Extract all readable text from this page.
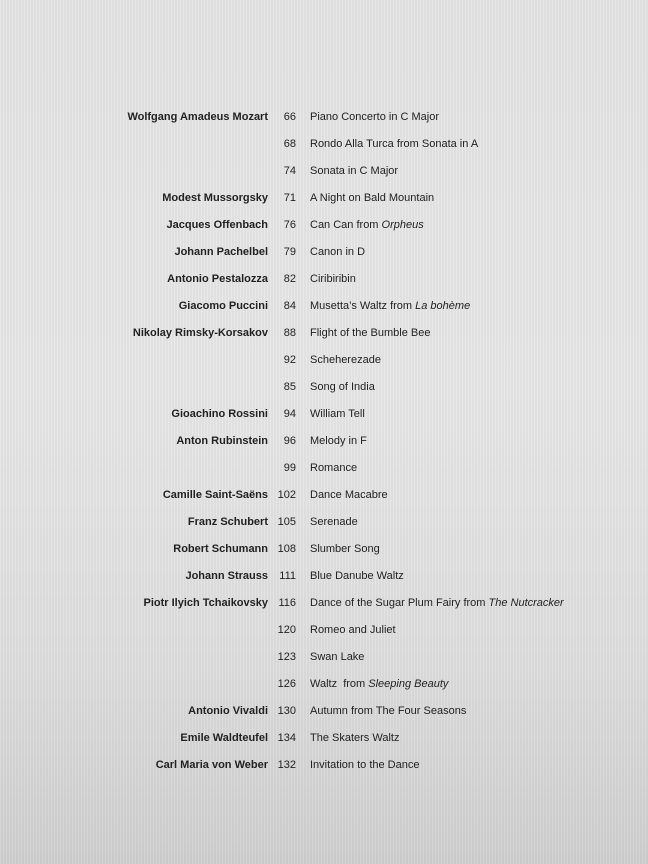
Wolfgang Amadeus Mozart 66 Piano Concerto in C Major
68 Rondo Alla Turca from Sonata in A
74 Sonata in C Major
Modest Mussorgsky 71 A Night on Bald Mountain
Jacques Offenbach 76 Can Can from Orpheus
Johann Pachelbel 79 Canon in D
Antonio Pestalozza 82 Ciribiribin
Giacomo Puccini 84 Musetta’s Waltz from La bohème
Nikolay Rimsky-Korsakov 88 Flight of the Bumble Bee
92 Scheherezade
85 Song of India
Gioachino Rossini 94 William Tell
Anton Rubinstein 96 Melody in F
99 Romance
Camille Saint-Saëns 102 Dance Macabre
Franz Schubert 105 Serenade
Robert Schumann 108 Slumber Song
Johann Strauss 111 Blue Danube Waltz
Piotr Ilyich Tchaikovsky 116 Dance of the Sugar Plum Fairy from The Nutcracker
120 Romeo and Juliet
123 Swan Lake
126 Waltz  from Sleeping Beauty
Antonio Vivaldi 130 Autumn from The Four Seasons
Emile Waldteufel 134 The Skaters Waltz
Carl Maria von Weber 132 Invitation to the Dance
